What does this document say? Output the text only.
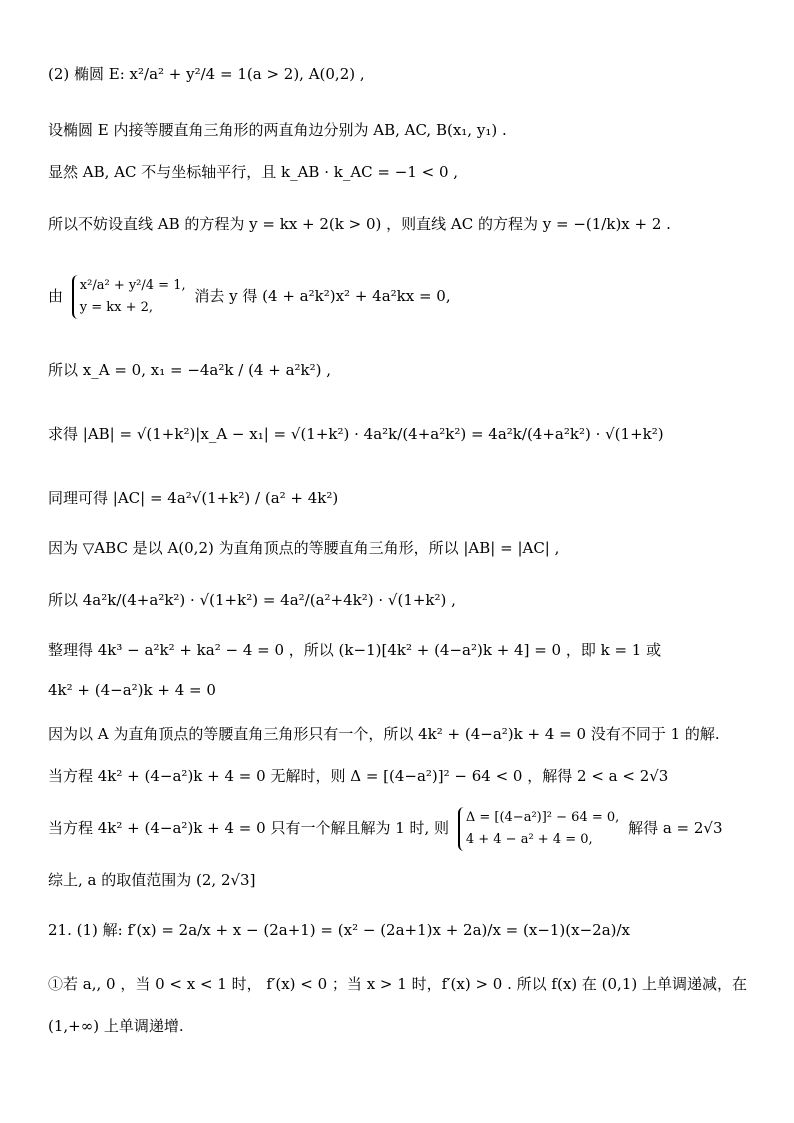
(2) 椭圆 E: x²/a² + y²/4 = 1(a > 2), A(0,2) ,
设椭圆 E 内接等腰直角三角形的两直角边分别为 AB, AC, B(x₁, y₁) .
显然 AB, AC 不与坐标轴平行，且 k_AB · k_AC = −1 < 0 ,
所以不妨设直线 AB 的方程为 y = kx + 2(k > 0) ，则直线 AC 的方程为 y = −(1/k)x + 2 .
由
x²/a² + y²/4 = 1,
y = kx + 2,
消去 y 得 (4 + a²k²)x² + 4a²kx = 0,
所以 x_A = 0, x₁ = −4a²k / (4 + a²k²) ,
求得 |AB| = √(1+k²)|x_A − x₁| = √(1+k²) · 4a²k/(4+a²k²) = 4a²k/(4+a²k²) · √(1+k²)
同理可得 |AC| = 4a²√(1+k²) / (a² + 4k²)
因为 ▽ABC 是以 A(0,2) 为直角顶点的等腰直角三角形，所以 |AB| = |AC| ,
所以 4a²k/(4+a²k²) · √(1+k²) = 4a²/(a²+4k²) · √(1+k²) ,
整理得 4k³ − a²k² + ka² − 4 = 0 ，所以 (k−1)[4k² + (4−a²)k + 4] = 0 ，即 k = 1 或
4k² + (4−a²)k + 4 = 0
因为以 A 为直角顶点的等腰直角三角形只有一个，所以 4k² + (4−a²)k + 4 = 0 没有不同于 1 的解.
当方程 4k² + (4−a²)k + 4 = 0 无解时，则 Δ = [(4−a²)]² − 64 < 0 ，解得 2 < a < 2√3
当方程 4k² + (4−a²)k + 4 = 0 只有一个解且解为 1 时, 则
Δ = [(4−a²)]² − 64 = 0,
4 + 4 − a² + 4 = 0,
解得 a = 2√3
综上, a 的取值范围为 (2, 2√3]
21. (1) 解: f′(x) = 2a/x + x − (2a+1) = (x² − (2a+1)x + 2a)/x = (x−1)(x−2a)/x
①若 a,, 0 ，当 0 < x < 1 时， f′(x) < 0 ；当 x > 1 时，f′(x) > 0 . 所以 f(x) 在 (0,1) 上单调递减，在
(1,+∞) 上单调递增.
